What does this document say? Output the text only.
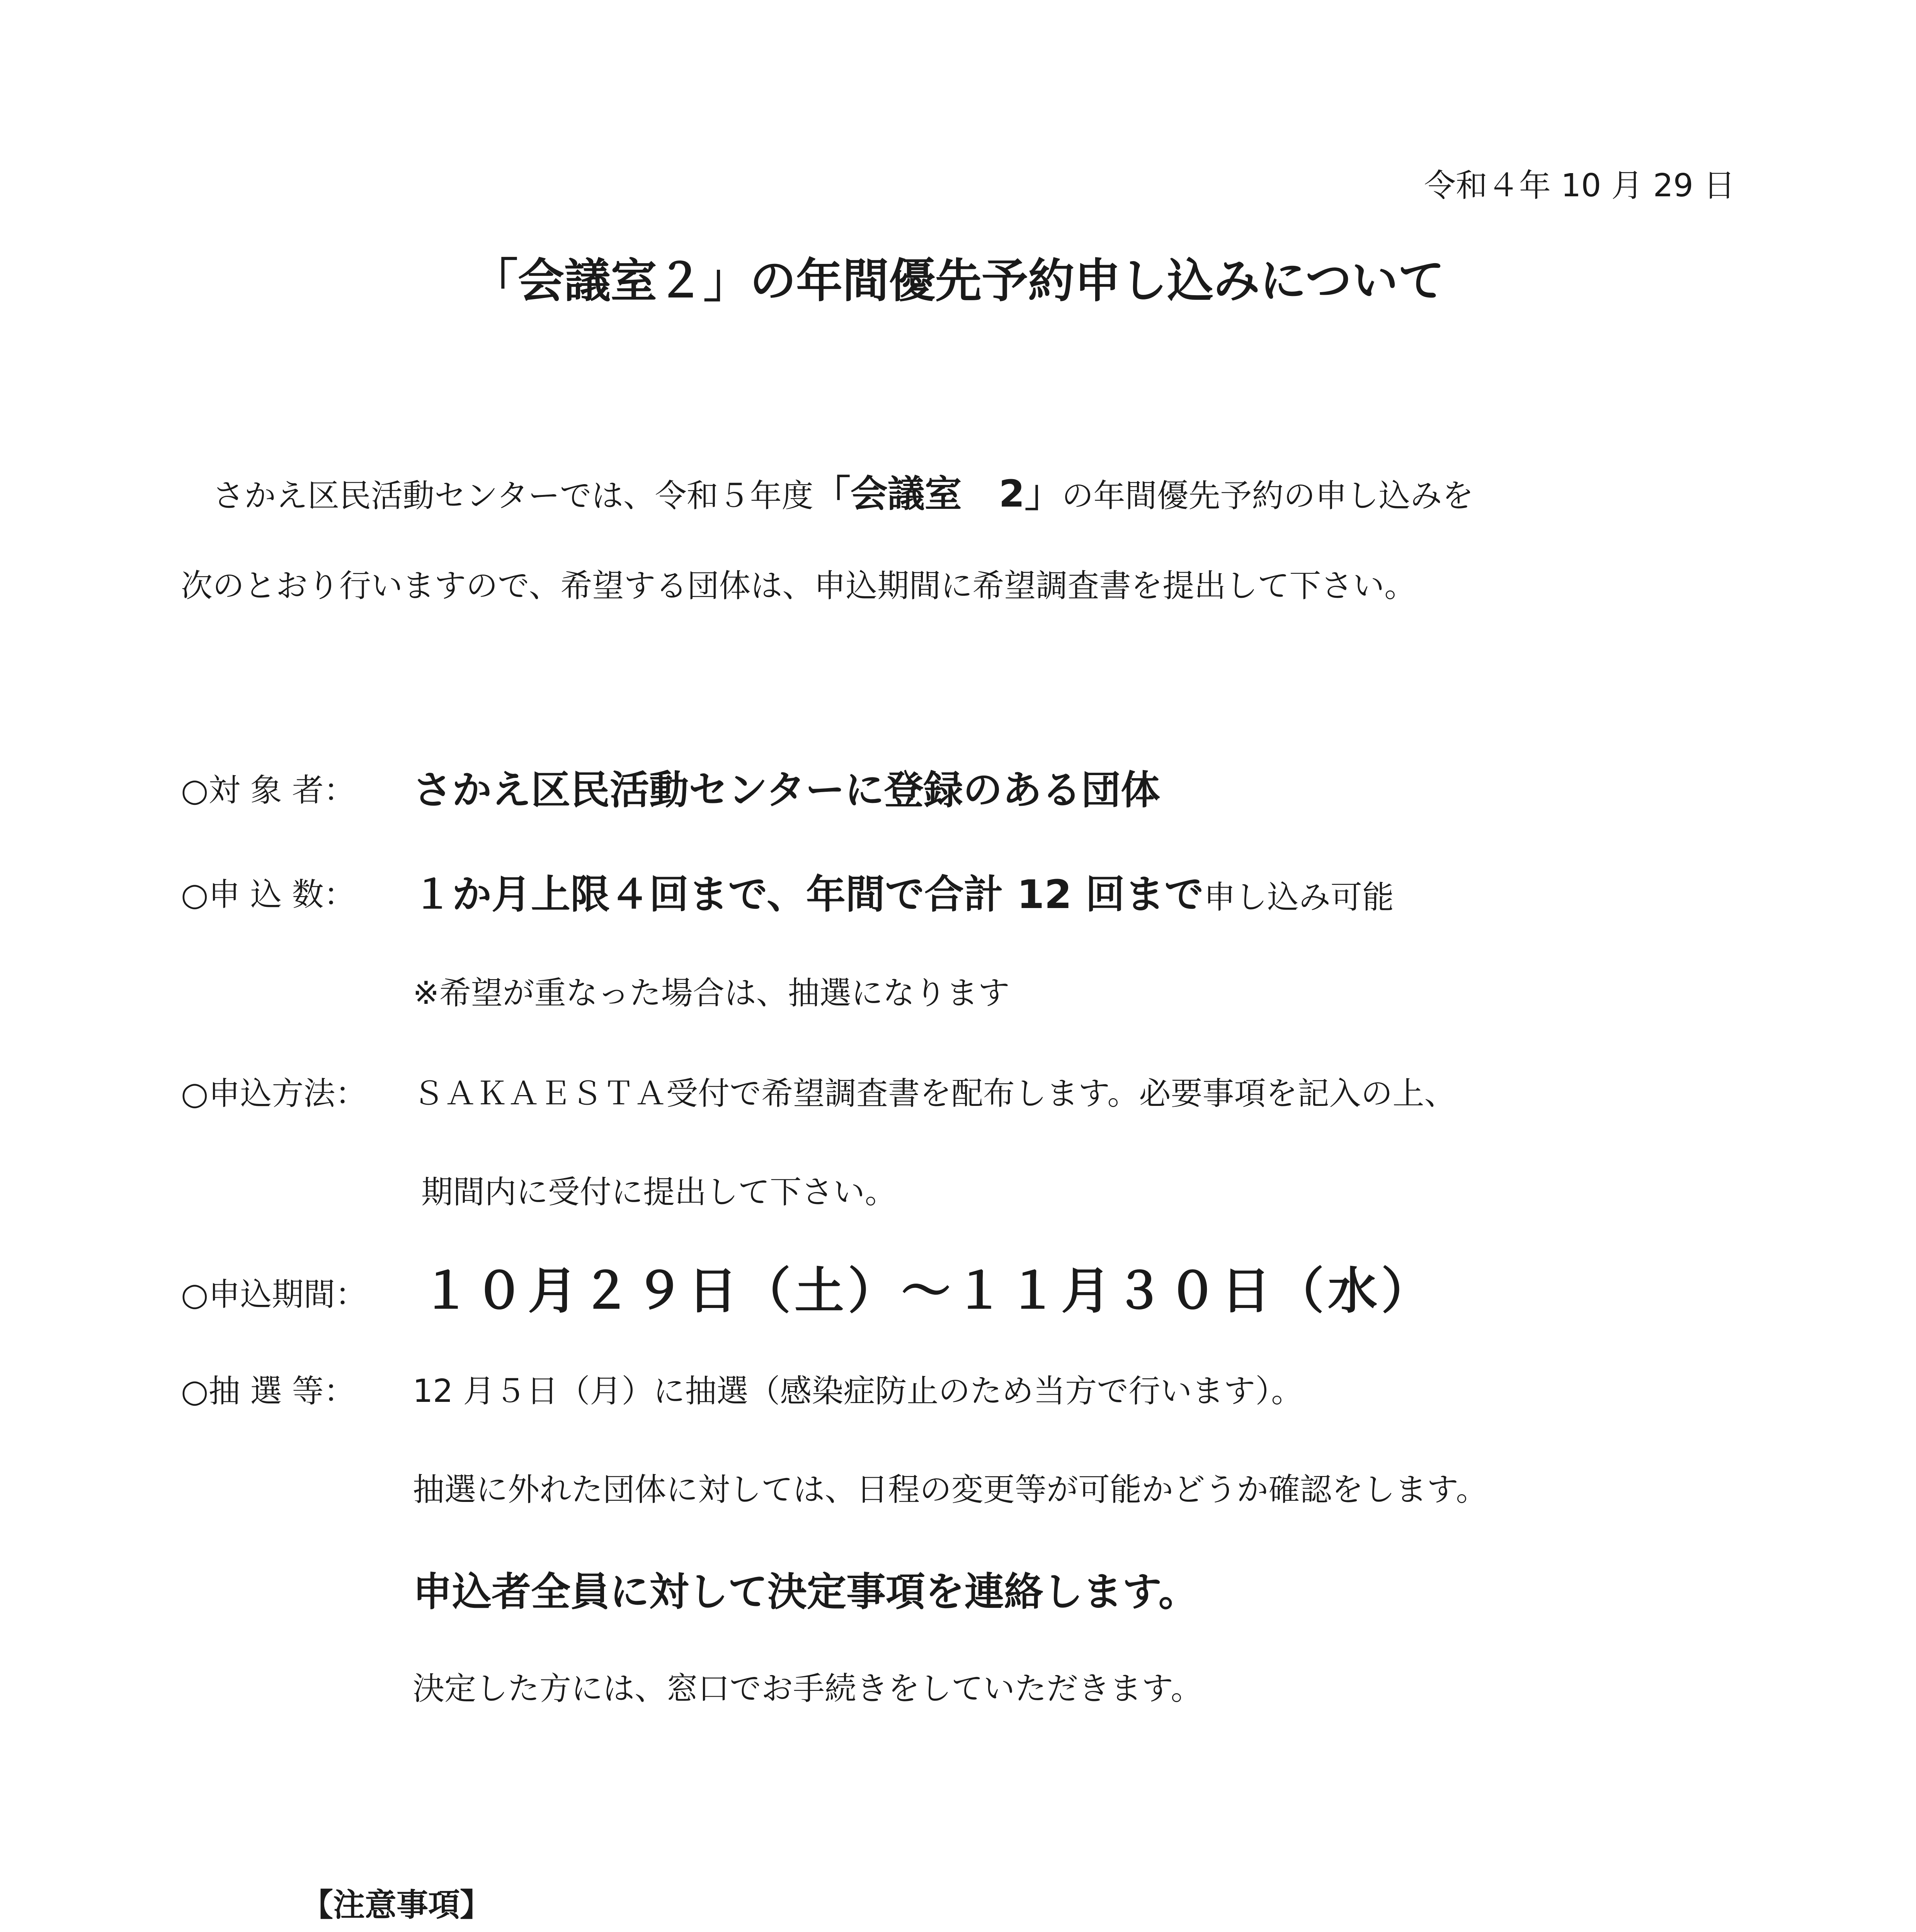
令和４年 10 月 29 日
「会議室２」の年間優先予約申し込みについて
　さかえ区民活動センターでは、令和５年度「会議室　2」の年間優先予約の申し込みを
次のとおり行いますので、希望する団体は、申込期間に希望調査書を提出して下さい。
○対 象 者： さかえ区民活動センターに登録のある団体
○申 込 数： １か月上限４回まで、年間で合計 12 回まで申し込み可能
※希望が重なった場合は、抽選になります
○申込方法： ＳＡＫＡＥＳＴＡ受付で希望調査書を配布します。必要事項を記入の上、
期間内に受付に提出して下さい。
○申込期間： １０月２９日（土）～１１月３０日（水）
○抽 選 等： 12 月５日（月）に抽選（感染症防止のため当方で行います）。
抽選に外れた団体に対しては、日程の変更等が可能かどうか確認をします。
申込者全員に対して決定事項を連絡します。
決定した方には、窓口でお手続きをしていただきます。
【注意事項】
